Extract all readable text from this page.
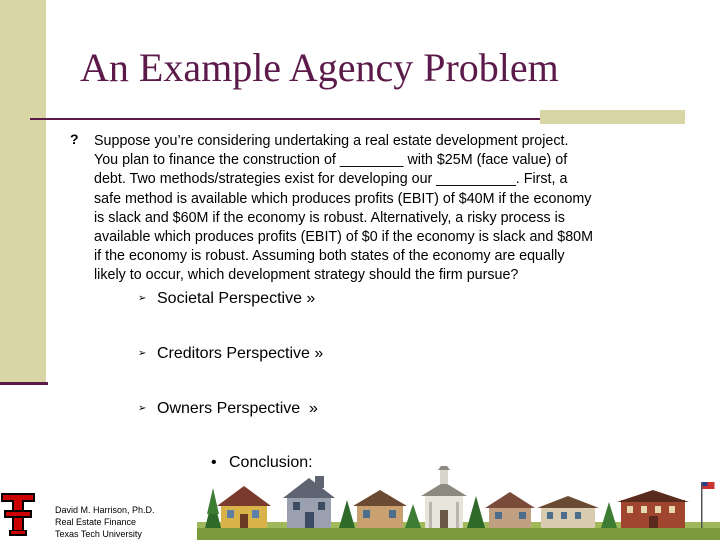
An Example Agency Problem
? Suppose you’re considering undertaking a real estate development project.
You plan to finance the construction of ________ with $25M (face value) of
debt. Two methods/strategies exist for developing our __________. First, a
safe method is available which produces profits (EBIT) of $40M if the economy
is slack and $60M if the economy is robust. Alternatively, a risky process is
available which produces profits (EBIT) of $0 if the economy is slack and $80M
if the economy is robust. Assuming both states of the economy are equally
likely to occur, which development strategy should the firm pursue?

➢ Societal Perspective »
➢ Creditors Perspective »
➢ Owners Perspective  »
• Conclusion:
David M. Harrison, Ph.D.
Real Estate Finance
Texas Tech University
